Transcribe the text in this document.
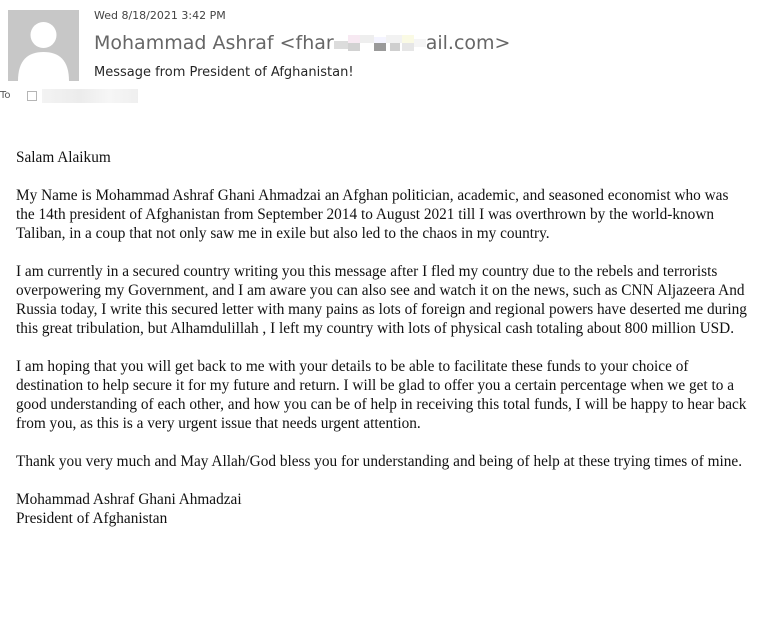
Wed 8/18/2021 3:42 PM
Mohammad Ashraf <fhar	ail.com>
Message from President of Afghanistan!
To

Salam Alaikum

My Name is Mohammad Ashraf Ghani Ahmadzai an Afghan politician, academic, and seasoned economist who was the 14th president of Afghanistan from September 2014 to August 2021 till I was overthrown by the world-known Taliban, in a coup that not only saw me in exile but also led to the chaos in my country.

I am currently in a secured country writing you this message after I fled my country due to the rebels and terrorists overpowering my Government, and I am aware you can also see and watch it on the news, such as CNN Aljazeera And Russia today, I write this secured letter with many pains as lots of foreign and regional powers have deserted me during this great tribulation, but Alhamdulillah , I left my country with lots of physical cash totaling about 800 million USD.

I am hoping that you will get back to me with your details to be able to facilitate these funds to your choice of destination to help secure it for my future and return. I will be glad to offer you a certain percentage when we get to a good understanding of each other, and how you can be of help in receiving this total funds, I will be happy to hear back from you, as this is a very urgent issue that needs urgent attention.

Thank you very much and May Allah/God bless you for understanding and being of help at these trying times of mine.

Mohammad Ashraf Ghani Ahmadzai
President of Afghanistan
